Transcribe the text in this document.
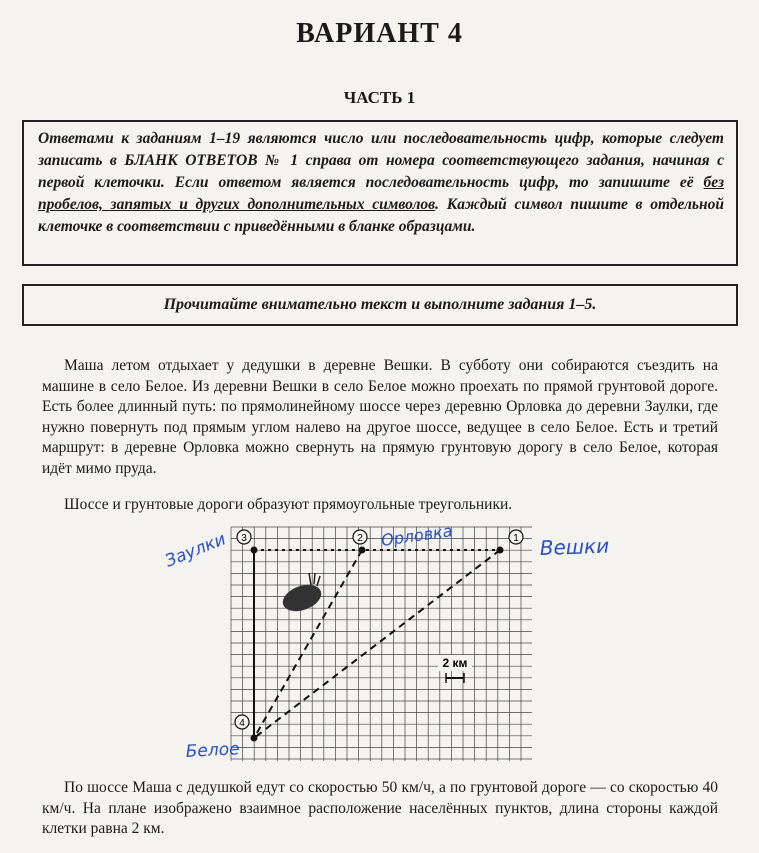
ВАРИАНТ 4
ЧАСТЬ 1
Ответами к заданиям 1–19 являются число или последовательность цифр, которые следует записать в БЛАНК ОТВЕТОВ № 1 справа от номера соответствующего задания, начиная с первой клеточки. Если ответом является последовательность цифр, то запишите её без пробелов, запятых и других дополнительных символов. Каждый символ пишите в отдельной клеточке в соответствии с приведёнными в бланке образцами.
Прочитайте внимательно текст и выполните задания 1–5.
Маша летом отдыхает у дедушки в деревне Вешки. В субботу они собираются съездить на машине в село Белое. Из деревни Вешки в село Белое можно проехать по прямой грунтовой дороге. Есть более длинный путь: по прямолинейному шоссе через деревню Орловка до деревни Заулки, где нужно повернуть под прямым углом налево на другое шоссе, ведущее в село Белое. Есть и третий маршрут: в деревне Орловка можно свернуть на прямую грунтовую дорогу в село Белое, которая идёт мимо пруда.
Шоссе и грунтовые дороги образуют прямоугольные треугольники.
3	2	1
4
2 км
Вешки
Орловка
Заулки
Белое
По шоссе Маша с дедушкой едут со скоростью 50 км/ч, а по грунтовой дороге — со скоростью 40 км/ч. На плане изображено взаимное расположение населённых пунктов, длина стороны каждой клетки равна 2 км.
